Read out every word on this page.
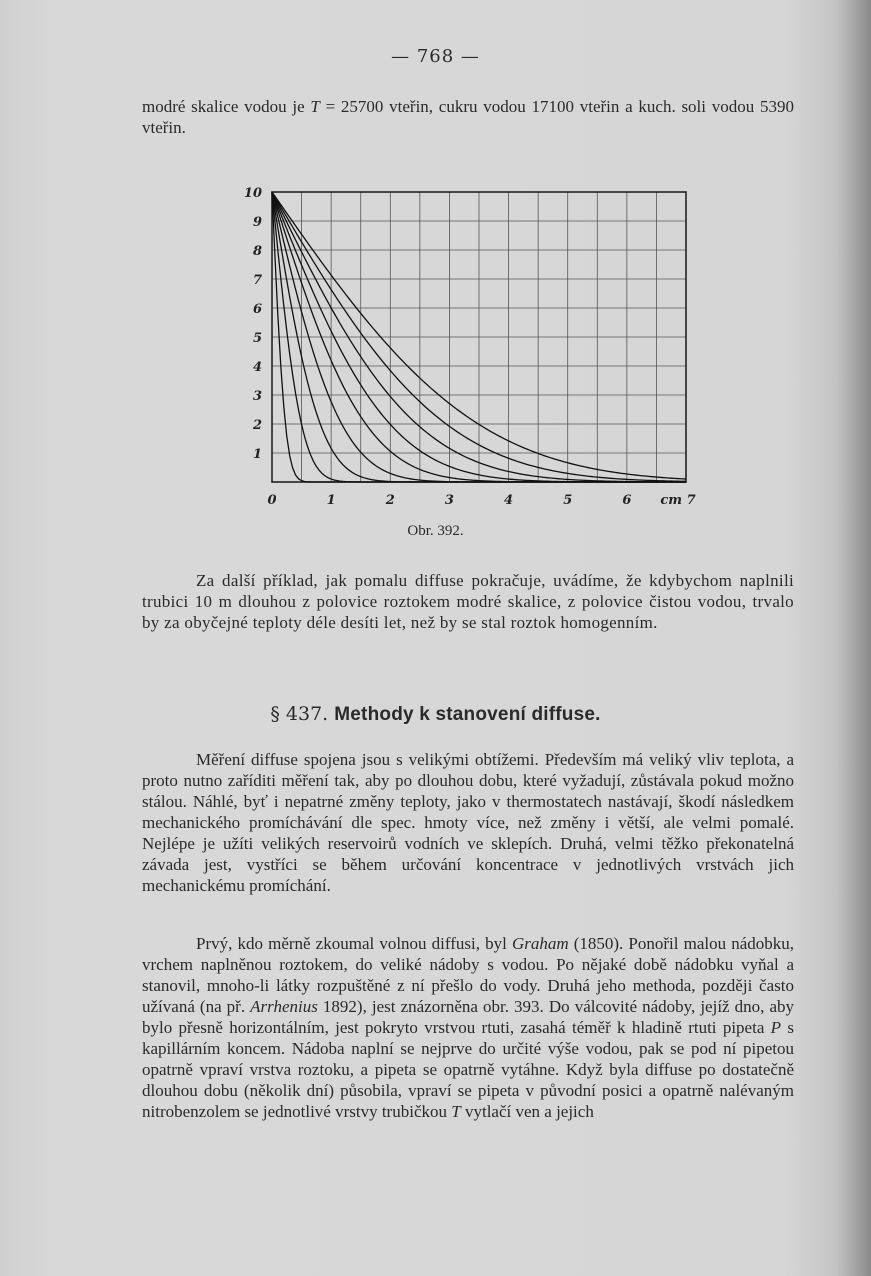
— 768 —
modré skalice vodou je T = 25700 vteřin, cukru vodou 17100 vteřin a kuch. soli vodou 5390 vteřin.
10
9
8
7
6
5
4
3
2
1
0	1	2	3	4	5	6 cm 7
Obr. 392.
Za další příklad, jak pomalu diffuse pokračuje, uvádíme, že kdybychom naplnili trubici 10 m dlouhou z polovice roztokem modré skalice, z polovice čistou vodou, trvalo by za obyčejné teploty déle desíti let, než by se stal roztok homogenním.
§ 437. Methody k stanovení diffuse.
Měření diffuse spojena jsou s velikými obtížemi. Především má veliký vliv teplota, a proto nutno zaříditi měření tak, aby po dlouhou dobu, které vyžadují, zůstávala pokud možno stálou. Náhlé, byť i nepatrné změny teploty, jako v thermostatech nastávají, škodí následkem mechanického promíchávání dle spec. hmoty více, než změny i větší, ale velmi pomalé. Nejlépe je užíti velikých reservoirů vodních ve sklepích. Druhá, velmi těžko překonatelná závada jest, vystříci se během určování koncentrace v jednotlivých vrstvách jich mechanickému promíchání.
Prvý, kdo měrně zkoumal volnou diffusi, byl Graham (1850). Ponořil malou nádobku, vrchem naplněnou roztokem, do veliké nádoby s vodou. Po nějaké době nádobku vyňal a stanovil, mnoho-li látky rozpuštěné z ní přešlo do vody. Druhá jeho methoda, později často užívaná (na př. Arrhenius 1892), jest znázorněna obr. 393. Do válcovité nádoby, jejíž dno, aby bylo přesně horizontálním, jest pokryto vrstvou rtuti, zasahá téměř k hladině rtuti pipeta P s kapillárním koncem. Nádoba naplní se nejprve do určité výše vodou, pak se pod ní pipetou opatrně vpraví vrstva roztoku, a pipeta se opatrně vytáhne. Když byla diffuse po dostatečně dlouhou dobu (několik dní) působila, vpraví se pipeta v původní posici a opatrně nalévaným nitrobenzolem se jednotlivé vrstvy trubičkou T vytlačí ven a jejich
